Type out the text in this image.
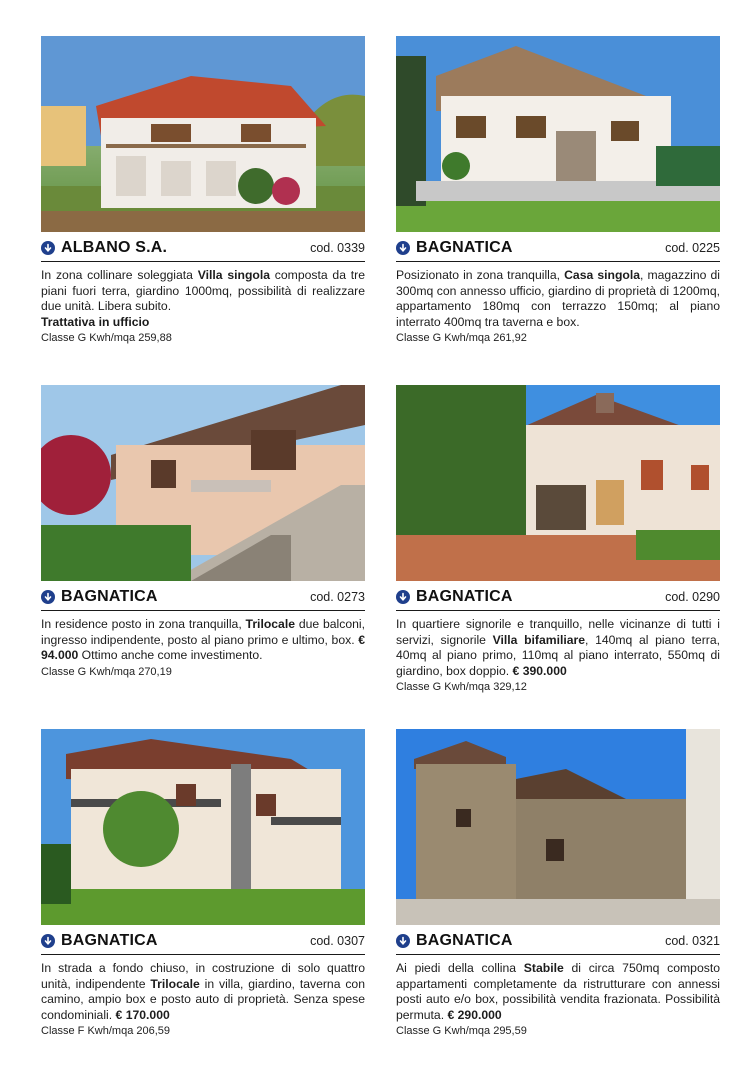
ALBANO S.A.	cod. 0339
In zona collinare soleggiata Villa singola composta da tre piani fuori terra, giardino 1000mq, possibilità di realizzare due unità. Libera subito.
Trattativa in ufficio
Classe G Kwh/mqa 259,88
BAGNATICA	cod. 0225
Posizionato in zona tranquilla, Casa singola, magazzino di 300mq con annesso ufficio, giardino di proprietà di 1200mq, appartamento 180mq con terrazzo 150mq; al piano interrato 400mq tra taverna e box.
Classe G Kwh/mqa 261,92
BAGNATICA	cod. 0273
In residence posto in zona tranquilla, Trilocale due balconi, ingresso indipendente, posto al piano primo e ultimo, box. € 94.000 Ottimo anche come investimento.
Classe G Kwh/mqa 270,19
BAGNATICA	cod. 0290
In quartiere signorile e tranquillo, nelle vicinanze di tutti i servizi, signorile Villa bifamiliare, 140mq al piano terra, 40mq al piano primo, 110mq al piano interrato, 550mq di giardino, box doppio. € 390.000
Classe G Kwh/mqa 329,12
BAGNATICA	cod. 0307
In strada a fondo chiuso, in costruzione di solo quattro unità, indipendente Trilocale in villa, giardino, taverna con camino, ampio box e posto auto di proprietà. Senza spese condominiali. € 170.000
Classe F Kwh/mqa 206,59
BAGNATICA	cod. 0321
Ai piedi della collina Stabile di circa 750mq composto appartamenti completamente da ristrutturare con annessi posti auto e/o box, possibilità vendita frazionata. Possibilità permuta. € 290.000
Classe G Kwh/mqa 295,59
